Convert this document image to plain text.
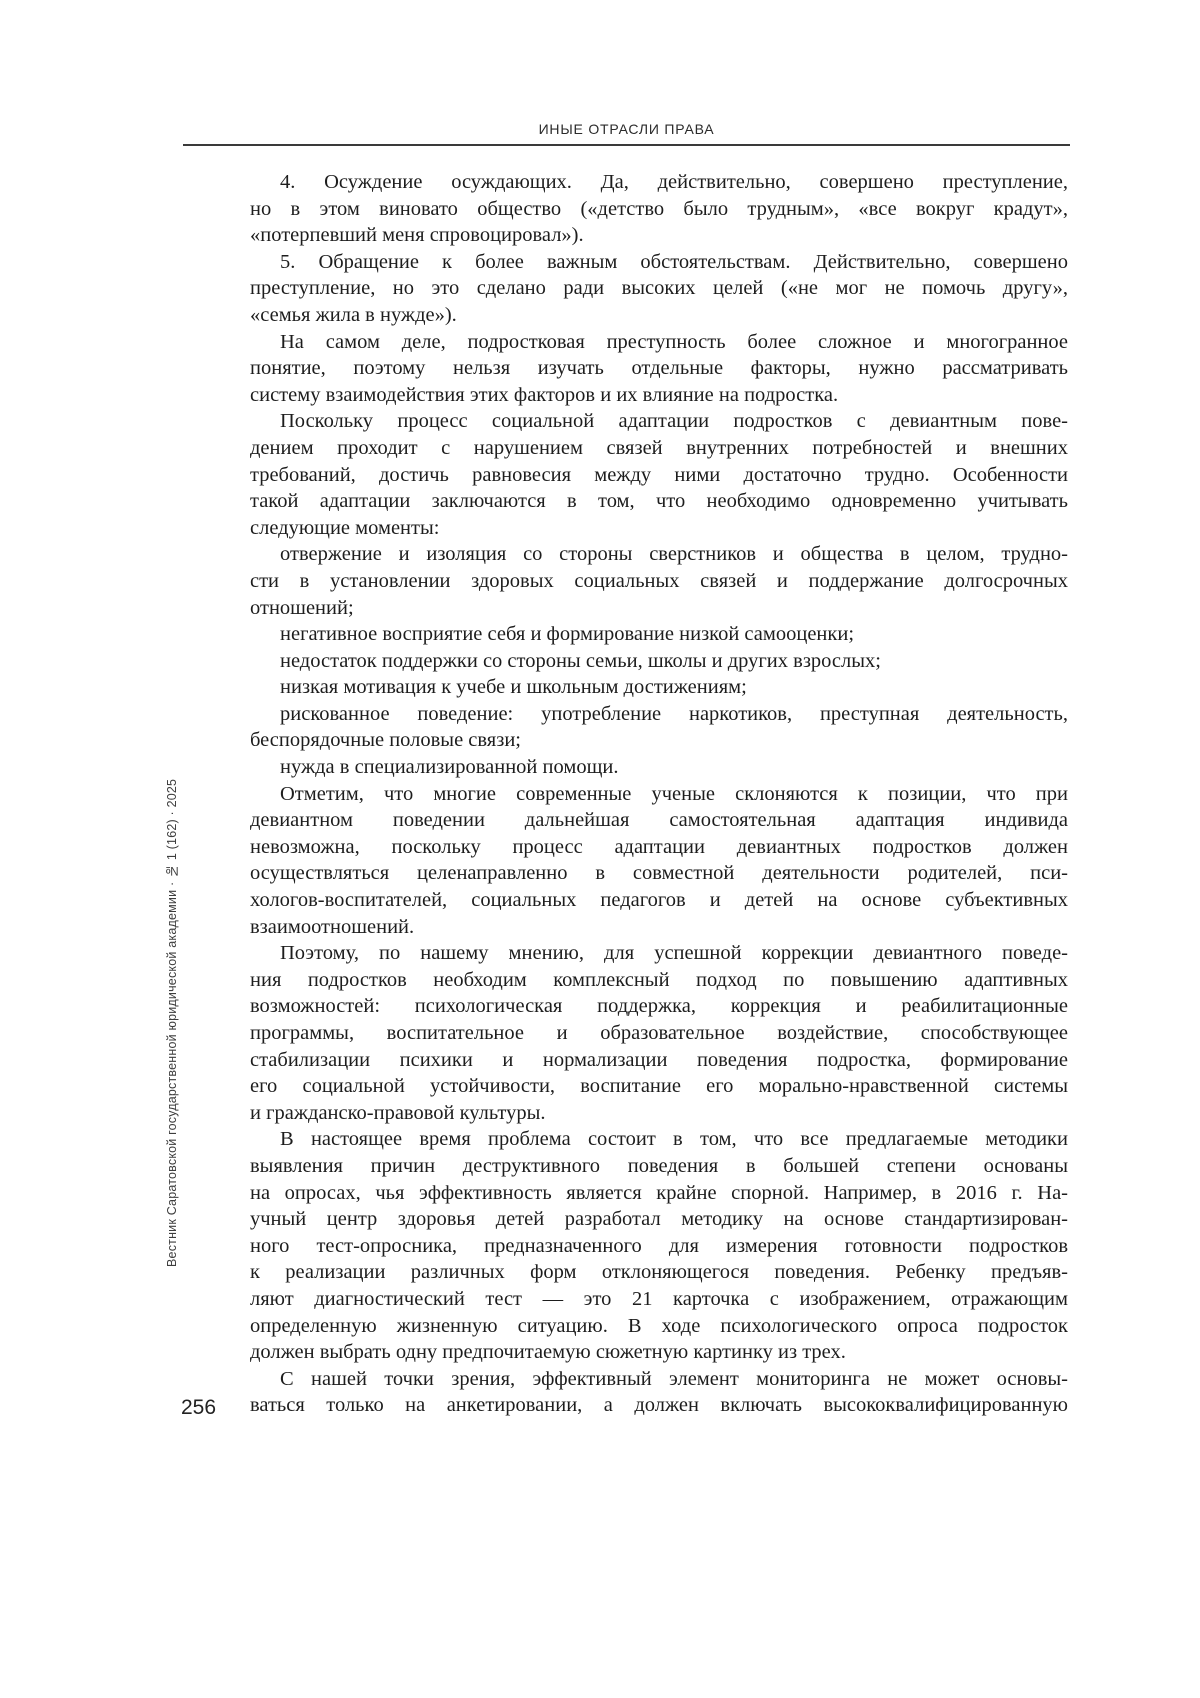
ИНЫЕ ОТРАСЛИ ПРАВА
4. Осуждение осуждающих. Да, действительно, совершено преступление,
но в этом виновато общество («детство было трудным», «все вокруг крадут»,
«потерпевший меня спровоцировал»).
5. Обращение к более важным обстоятельствам. Действительно, совершено
преступление, но это сделано ради высоких целей («не мог не помочь другу»,
«семья жила в нужде»).
На самом деле, подростковая преступность более сложное и многогранное
понятие, поэтому нельзя изучать отдельные факторы, нужно рассматривать
систему взаимодействия этих факторов и их влияние на подростка.
Поскольку процесс социальной адаптации подростков с девиантным пове-
дением проходит с нарушением связей внутренних потребностей и внешних
требований, достичь равновесия между ними достаточно трудно. Особенности
такой адаптации заключаются в том, что необходимо одновременно учитывать
следующие моменты:
отвержение и изоляция со стороны сверстников и общества в целом, трудно-
сти в установлении здоровых социальных связей и поддержание долгосрочных
отношений;
негативное восприятие себя и формирование низкой самооценки;
недостаток поддержки со стороны семьи, школы и других взрослых;
низкая мотивация к учебе и школьным достижениям;
рискованное поведение: употребление наркотиков, преступная деятельность,
беспорядочные половые связи;
нужда в специализированной помощи.
Отметим, что многие современные ученые склоняются к позиции, что при
девиантном поведении дальнейшая самостоятельная адаптация индивида
невозможна, поскольку процесс адаптации девиантных подростков должен
осуществляться целенаправленно в совместной деятельности родителей, пси-
хологов-воспитателей, социальных педагогов и детей на основе субъективных
взаимоотношений.
Поэтому, по нашему мнению, для успешной коррекции девиантного поведе-
ния подростков необходим комплексный подход по повышению адаптивных
возможностей: психологическая поддержка, коррекция и реабилитационные
программы, воспитательное и образовательное воздействие, способствующее
стабилизации психики и нормализации поведения подростка, формирование
его социальной устойчивости, воспитание его морально-нравственной системы
и гражданско-правовой культуры.
В настоящее время проблема состоит в том, что все предлагаемые методики
выявления причин деструктивного поведения в большей степени основаны
на опросах, чья эффективность является крайне спорной. Например, в 2016 г. На-
учный центр здоровья детей разработал методику на основе стандартизирован-
ного тест-опросника, предназначенного для измерения готовности подростков
к реализации различных форм отклоняющегося поведения. Ребенку предъяв-
ляют диагностический тест — это 21 карточка с изображением, отражающим
определенную жизненную ситуацию. В ходе психологического опроса подросток
должен выбрать одну предпочитаемую сюжетную картинку из трех.
С нашей точки зрения, эффективный элемент мониторинга не может основы-
ваться только на анкетировании, а должен включать высококвалифицированную
Вестник Саратовской государственной юридической академии · № 1 (162) · 2025
256
